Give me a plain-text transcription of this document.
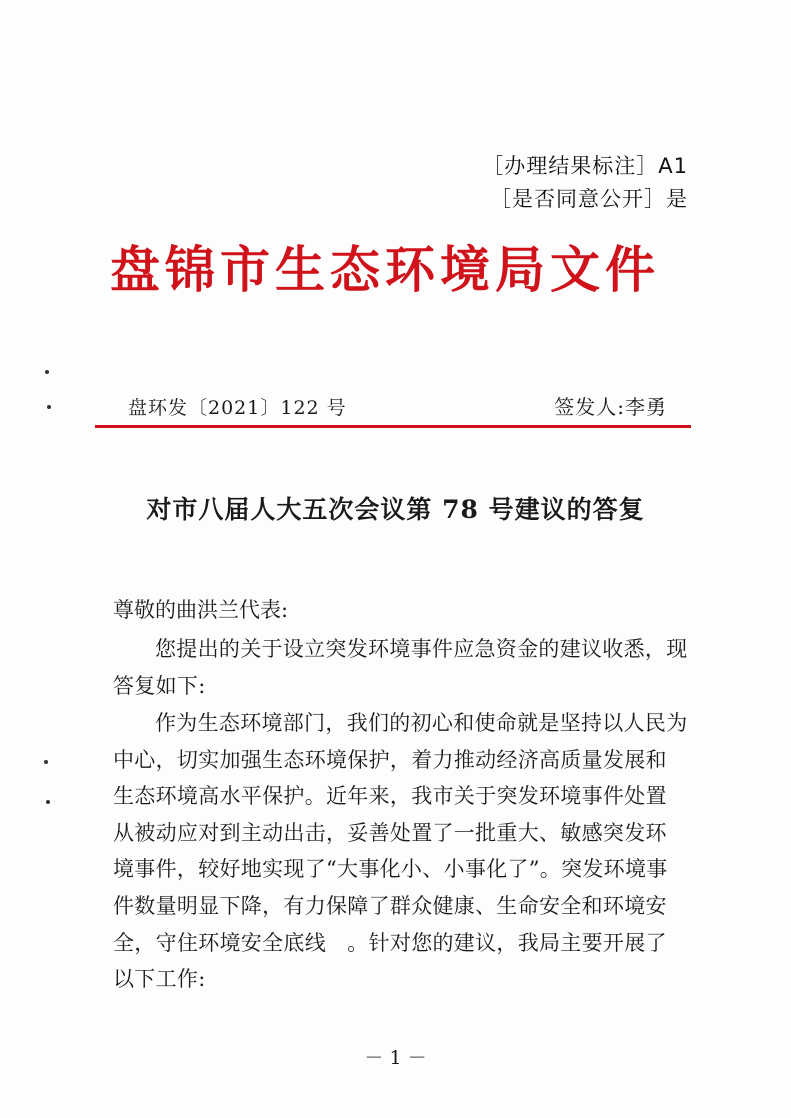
［办理结果标注］A1
［是否同意公开］是
盘锦市生态环境局文件
盘环发〔2021〕122 号	签发人:李勇
对市八届人大五次会议第 78 号建议的答复
尊敬的曲洪兰代表:

您提出的关于设立突发环境事件应急资金的建议收悉，现答复如下:

作为生态环境部门，我们的初心和使命就是坚持以人民为中心，切实加强生态环境保护，着力推动经济高质量发展和生态环境高水平保护。近年来，我市关于突发环境事件处置从被动应对到主动出击，妥善处置了一批重大、敏感突发环境事件，较好地实现了“大事化小、小事化了”。突发环境事件数量明显下降，有力保障了群众健康、生命安全和环境安全，守住环境安全底线　。针对您的建议，我局主要开展了以下工作:

－ 1 －
